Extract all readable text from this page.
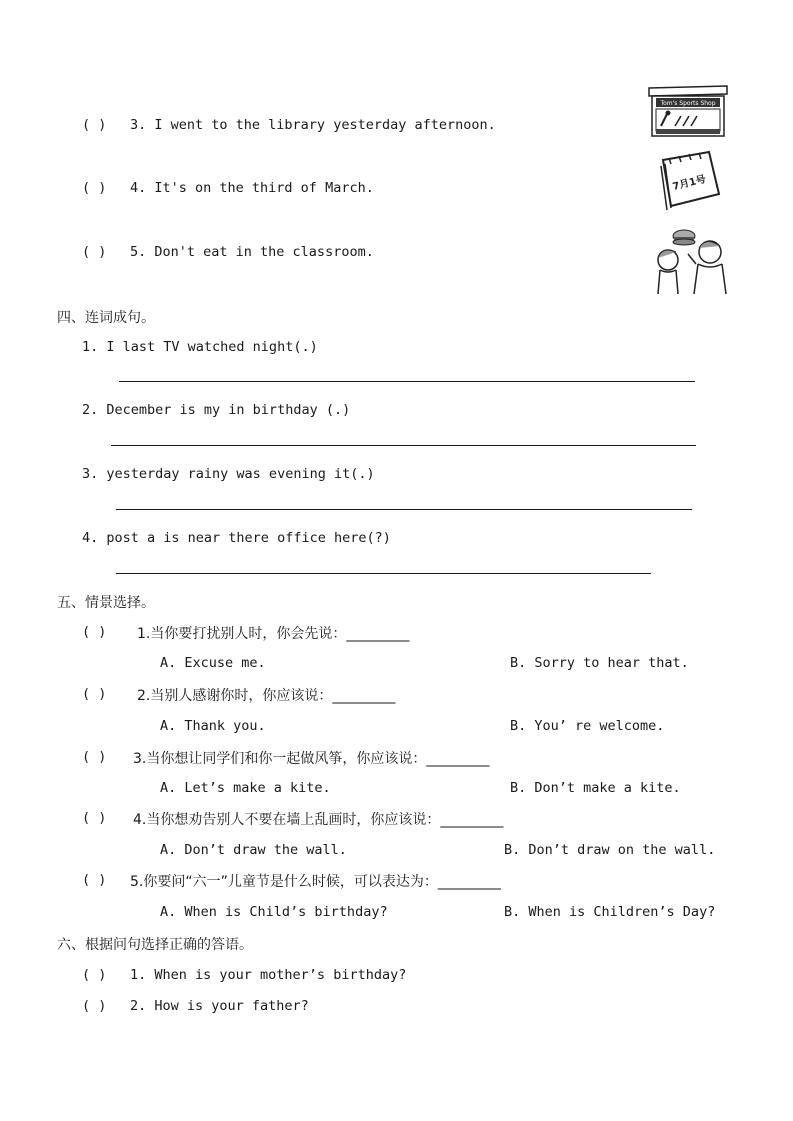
( ) 3. I went to the library yesterday afternoon.
( ) 4. It's on the third of March.
( ) 5. Don't eat in the classroom.
Tom's Sports Shop
7月1号
四、连词成句。
1. I last TV watched night(.)
2. December is my in birthday (.)
3. yesterday rainy was evening it(.)
4. post a is near there office here(?)
五、情景选择。
( ) 1.当你要打扰别人时，你会先说：_________
A. Excuse me.	B. Sorry to hear that.
( ) 2.当别人感谢你时，你应该说：_________
A. Thank you.	B. You’ re welcome.
( ) 3.当你想让同学们和你一起做风筝，你应该说：_________
A. Let’s make a kite.	B. Don’t make a kite.
( ) 4.当你想劝告别人不要在墙上乱画时，你应该说：_________
A. Don’t draw the wall.	B. Don’t draw on the wall.
( ) 5.你要问“六一”儿童节是什么时候，可以表达为：_________
A. When is Child’s birthday?	B. When is Children’s Day?
六、根据问句选择正确的答语。
( ) 1. When is your mother’s birthday?
( ) 2. How is your father?
